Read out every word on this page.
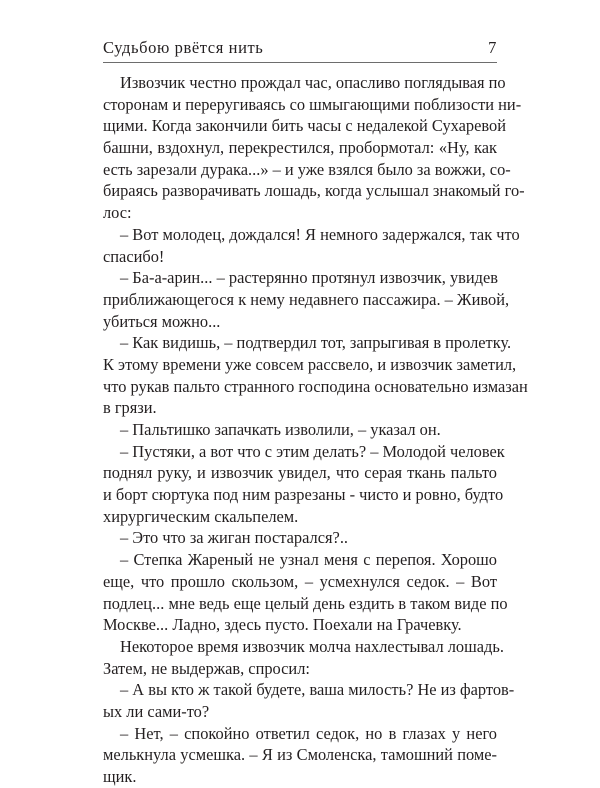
Судьбою рвётся нить	7
Извозчик честно прождал час, опасливо поглядывая по
сторонам и переругиваясь со шмыгающими поблизости ни-
щими. Когда закончили бить часы с недалекой Сухаревой
башни, вздохнул, перекрестился, пробормотал: «Ну, как
есть зарезали дурака...» – и уже взялся было за вожжи, со-
бираясь разворачивать лошадь, когда услышал знакомый го-
лос:
– Вот молодец, дождался! Я немного задержался, так что
спасибо!
– Ба-а-арин... – растерянно протянул извозчик, увидев
приближающегося к нему недавнего пассажира. – Живой,
убиться можно...
– Как видишь, – подтвердил тот, запрыгивая в пролетку.
К этому времени уже совсем рассвело, и извозчик заметил,
что рукав пальто странного господина основательно измазан
в грязи.
– Пальтишко запачкать изволили, – указал он.
– Пустяки, а вот что с этим делать? – Молодой человек
поднял руку, и извозчик увидел, что серая ткань пальто
и борт сюртука под ним разрезаны - чисто и ровно, будто
хирургическим скальпелем.
– Это что за жиган постарался?..
– Степка Жареный не узнал меня с перепоя. Хорошо
еще, что прошло скользом, – усмехнулся седок. – Вот
подлец... мне ведь еще целый день ездить в таком виде по
Москве... Ладно, здесь пусто. Поехали на Грачевку.
Некоторое время извозчик молча нахлестывал лошадь.
Затем, не выдержав, спросил:
– А вы кто ж такой будете, ваша милость? Не из фартов-
ых ли сами-то?
– Нет, – спокойно ответил седок, но в глазах у него
мелькнула усмешка. – Я из Смоленска, тамошний поме-
щик.
